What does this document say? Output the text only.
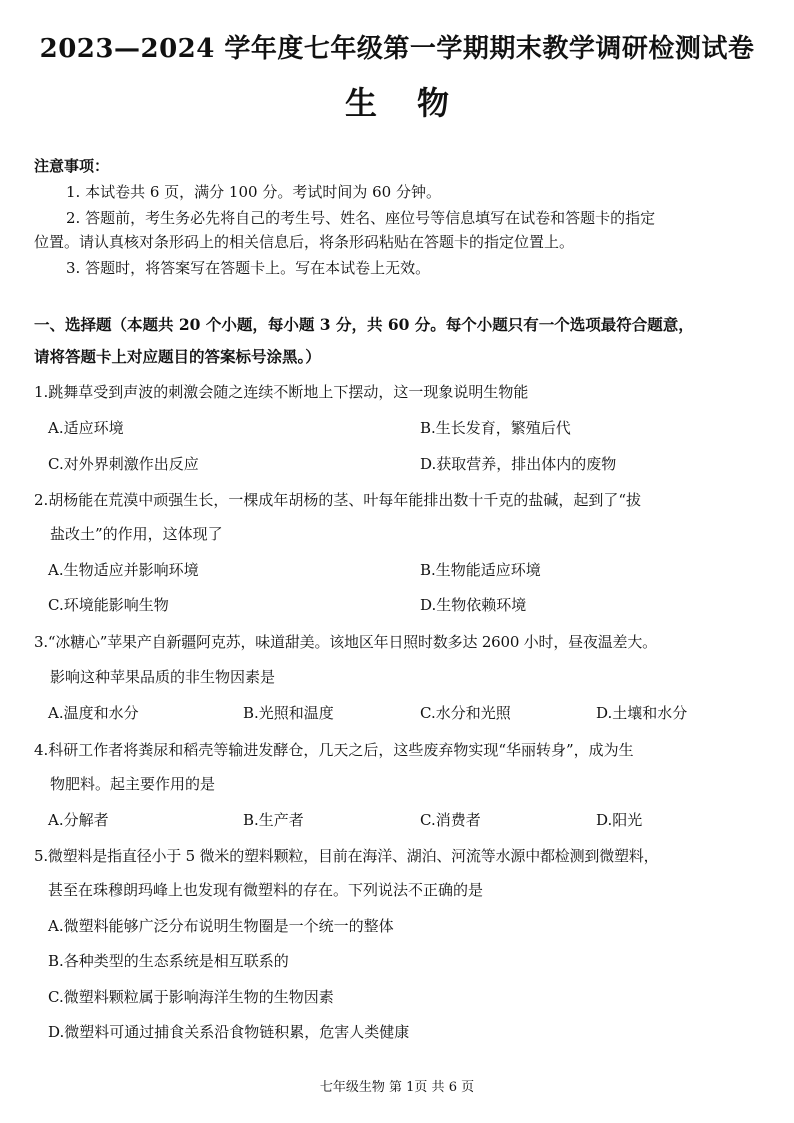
2023—2024 学年度七年级第一学期期末教学调研检测试卷
生物
注意事项：
1. 本试卷共 6 页，满分 100 分。考试时间为 60 分钟。
2. 答题前，考生务必先将自己的考生号、姓名、座位号等信息填写在试卷和答题卡的指定
位置。请认真核对条形码上的相关信息后，将条形码粘贴在答题卡的指定位置上。
3. 答题时，将答案写在答题卡上。写在本试卷上无效。
一、选择题（本题共 20 个小题，每小题 3 分，共 60 分。每个小题只有一个选项最符合题意，
请将答题卡上对应题目的答案标号涂黑。）
1.跳舞草受到声波的刺激会随之连续不断地上下摆动，这一现象说明生物能
A.适应环境	B.生长发育，繁殖后代
C.对外界刺激作出反应	D.获取营养，排出体内的废物
2.胡杨能在荒漠中顽强生长，一棵成年胡杨的茎、叶每年能排出数十千克的盐碱，起到了“拔
盐改土”的作用，这体现了
A.生物适应并影响环境	B.生物能适应环境
C.环境能影响生物	D.生物依赖环境
3.“冰糖心”苹果产自新疆阿克苏，味道甜美。该地区年日照时数多达 2600 小时，昼夜温差大。
影响这种苹果品质的非生物因素是
A.温度和水分	B.光照和温度	C.水分和光照	D.土壤和水分
4.科研工作者将粪尿和稻壳等输进发酵仓，几天之后，这些废弃物实现“华丽转身”，成为生
物肥料。起主要作用的是
A.分解者	B.生产者	C.消费者	D.阳光
5.微塑料是指直径小于 5 微米的塑料颗粒，目前在海洋、湖泊、河流等水源中都检测到微塑料，
甚至在珠穆朗玛峰上也发现有微塑料的存在。下列说法不正确的是
A.微塑料能够广泛分布说明生物圈是一个统一的整体
B.各种类型的生态系统是相互联系的
C.微塑料颗粒属于影响海洋生物的生物因素
D.微塑料可通过捕食关系沿食物链积累，危害人类健康
七年级生物 第 1页 共 6 页
